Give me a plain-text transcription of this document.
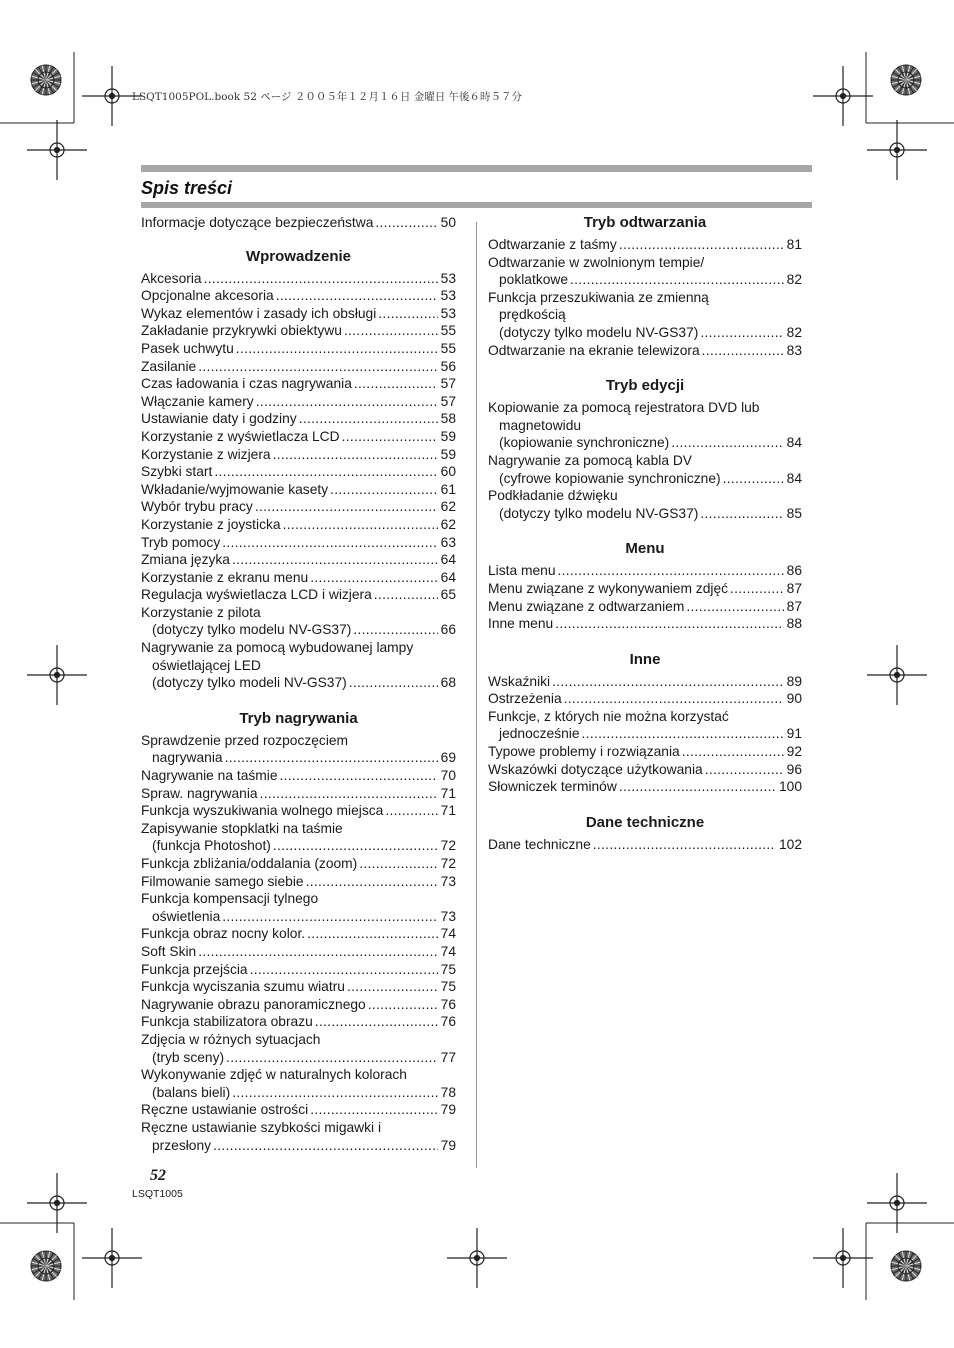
LSQT1005POL.book 52 ページ ２００５年１２月１６日 金曜日 午後６時５７分
Spis treści
Informacje dotyczące bezpieczeństwa .....	50
Wprowadzenie
Akcesoria .....	53
Opcjonalne akcesoria .....	53
Wykaz elementów i zasady ich obsługi .....	53
Zakładanie przykrywki obiektywu .....	55
Pasek uchwytu .....	55
Zasilanie .....	56
Czas ładowania i czas nagrywania .....	57
Włączanie kamery .....	57
Ustawianie daty i godziny .....	58
Korzystanie z wyświetlacza LCD .....	59
Korzystanie z wizjera .....	59
Szybki start .....	60
Wkładanie/wyjmowanie kasety .....	61
Wybór trybu pracy .....	62
Korzystanie z joysticka .....	62
Tryb pomocy .....	63
Zmiana języka .....	64
Korzystanie z ekranu menu .....	64
Regulacja wyświetlacza LCD i wizjera .....	65
Korzystanie z pilota
(dotyczy tylko modelu NV-GS37) .....	66
Nagrywanie za pomocą wybudowanej lampy
oświetlającej LED
(dotyczy tylko modeli NV-GS37) .....	68
Tryb nagrywania
Sprawdzenie przed rozpoczęciem
nagrywania .....	69
Nagrywanie na taśmie .....	70
Spraw. nagrywania .....	71
Funkcja wyszukiwania wolnego miejsca .....	71
Zapisywanie stopklatki na taśmie
(funkcja Photoshot) .....	72
Funkcja zbliżania/oddalania (zoom) .....	72
Filmowanie samego siebie .....	73
Funkcja kompensacji tylnego
oświetlenia .....	73
Funkcja obraz nocny kolor. .....	74
Soft Skin .....	74
Funkcja przejścia .....	75
Funkcja wyciszania szumu wiatru .....	75
Nagrywanie obrazu panoramicznego .....	76
Funkcja stabilizatora obrazu .....	76
Zdjęcia w różnych sytuacjach
(tryb sceny) .....	77
Wykonywanie zdjęć w naturalnych kolorach
(balans bieli) .....	78
Ręczne ustawianie ostrości .....	79
Ręczne ustawianie szybkości migawki i
przesłony .....	79
Tryb odtwarzania
Odtwarzanie z taśmy .....	81
Odtwarzanie w zwolnionym tempie/
poklatkowe .....	82
Funkcja przeszukiwania ze zmienną
prędkością
(dotyczy tylko modelu NV-GS37) .....	82
Odtwarzanie na ekranie telewizora .....	83
Tryb edycji
Kopiowanie za pomocą rejestratora DVD lub
magnetowidu
(kopiowanie synchroniczne) .....	84
Nagrywanie za pomocą kabla DV
(cyfrowe kopiowanie synchroniczne) .....	84
Podkładanie dźwięku
(dotyczy tylko modelu NV-GS37) .....	85
Menu
Lista menu .....	86
Menu związane z wykonywaniem zdjęć .....	87
Menu związane z odtwarzaniem .....	87
Inne menu .....	88
Inne
Wskaźniki .....	89
Ostrzeżenia .....	90
Funkcje, z których nie można korzystać
jednocześnie .....	91
Typowe problemy i rozwiązania .....	92
Wskazówki dotyczące użytkowania .....	96
Słowniczek terminów .....	100
Dane techniczne
Dane techniczne .....	102
52
LSQT1005
